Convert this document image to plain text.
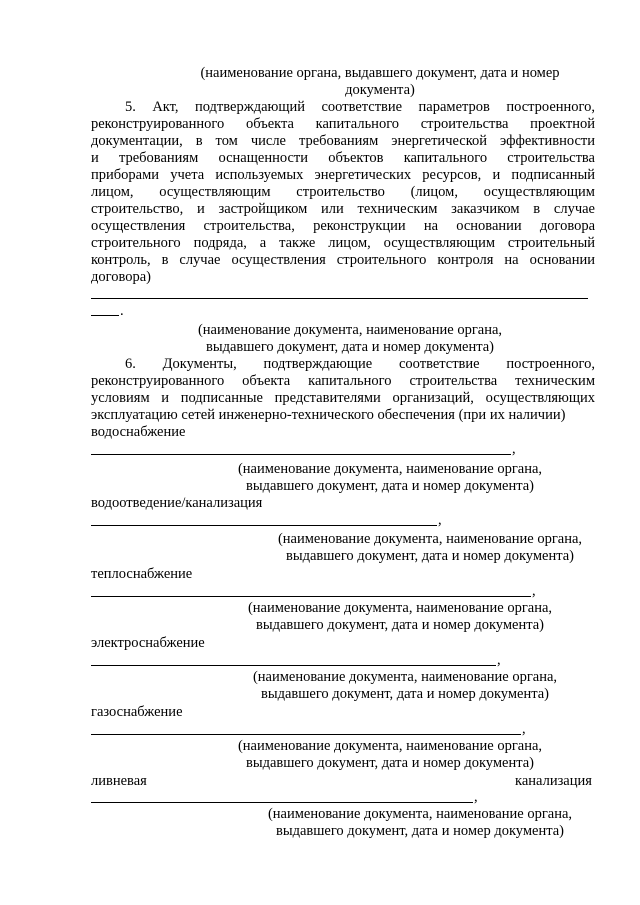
(наименование органа, выдавшего документ, дата и номер
документа)
5. Акт, подтверждающий соответствие параметров построенного,
реконструированного объекта капитального строительства проектной
документации, в том числе требованиям энергетической эффективности
и требованиям оснащенности объектов капитального строительства
приборами учета используемых энергетических ресурсов, и подписанный
лицом, осуществляющим строительство (лицом, осуществляющим
строительство, и застройщиком или техническим заказчиком в случае
осуществления строительства, реконструкции на основании договора
строительного подряда, а также лицом, осуществляющим строительный
контроль, в случае осуществления строительного контроля на основании
договора)
.
(наименование документа, наименование органа,
выдавшего документ, дата и номер документа)
6. Документы, подтверждающие соответствие построенного,
реконструированного объекта капитального строительства техническим
условиям и подписанные представителями организаций, осуществляющих
эксплуатацию сетей инженерно-технического обеспечения (при их наличии)
водоснабжение
,
(наименование документа, наименование органа,
выдавшего документ, дата и номер документа)
водоотведение/канализация
,
(наименование документа, наименование органа,
выдавшего документ, дата и номер документа)
теплоснабжение
,
(наименование документа, наименование органа,
выдавшего документ, дата и номер документа)
электроснабжение
,
(наименование документа, наименование органа,
выдавшего документ, дата и номер документа)
газоснабжение
,
(наименование документа, наименование органа,
выдавшего документ, дата и номер документа)
ливневая	канализация
,
(наименование документа, наименование органа,
выдавшего документ, дата и номер документа)
